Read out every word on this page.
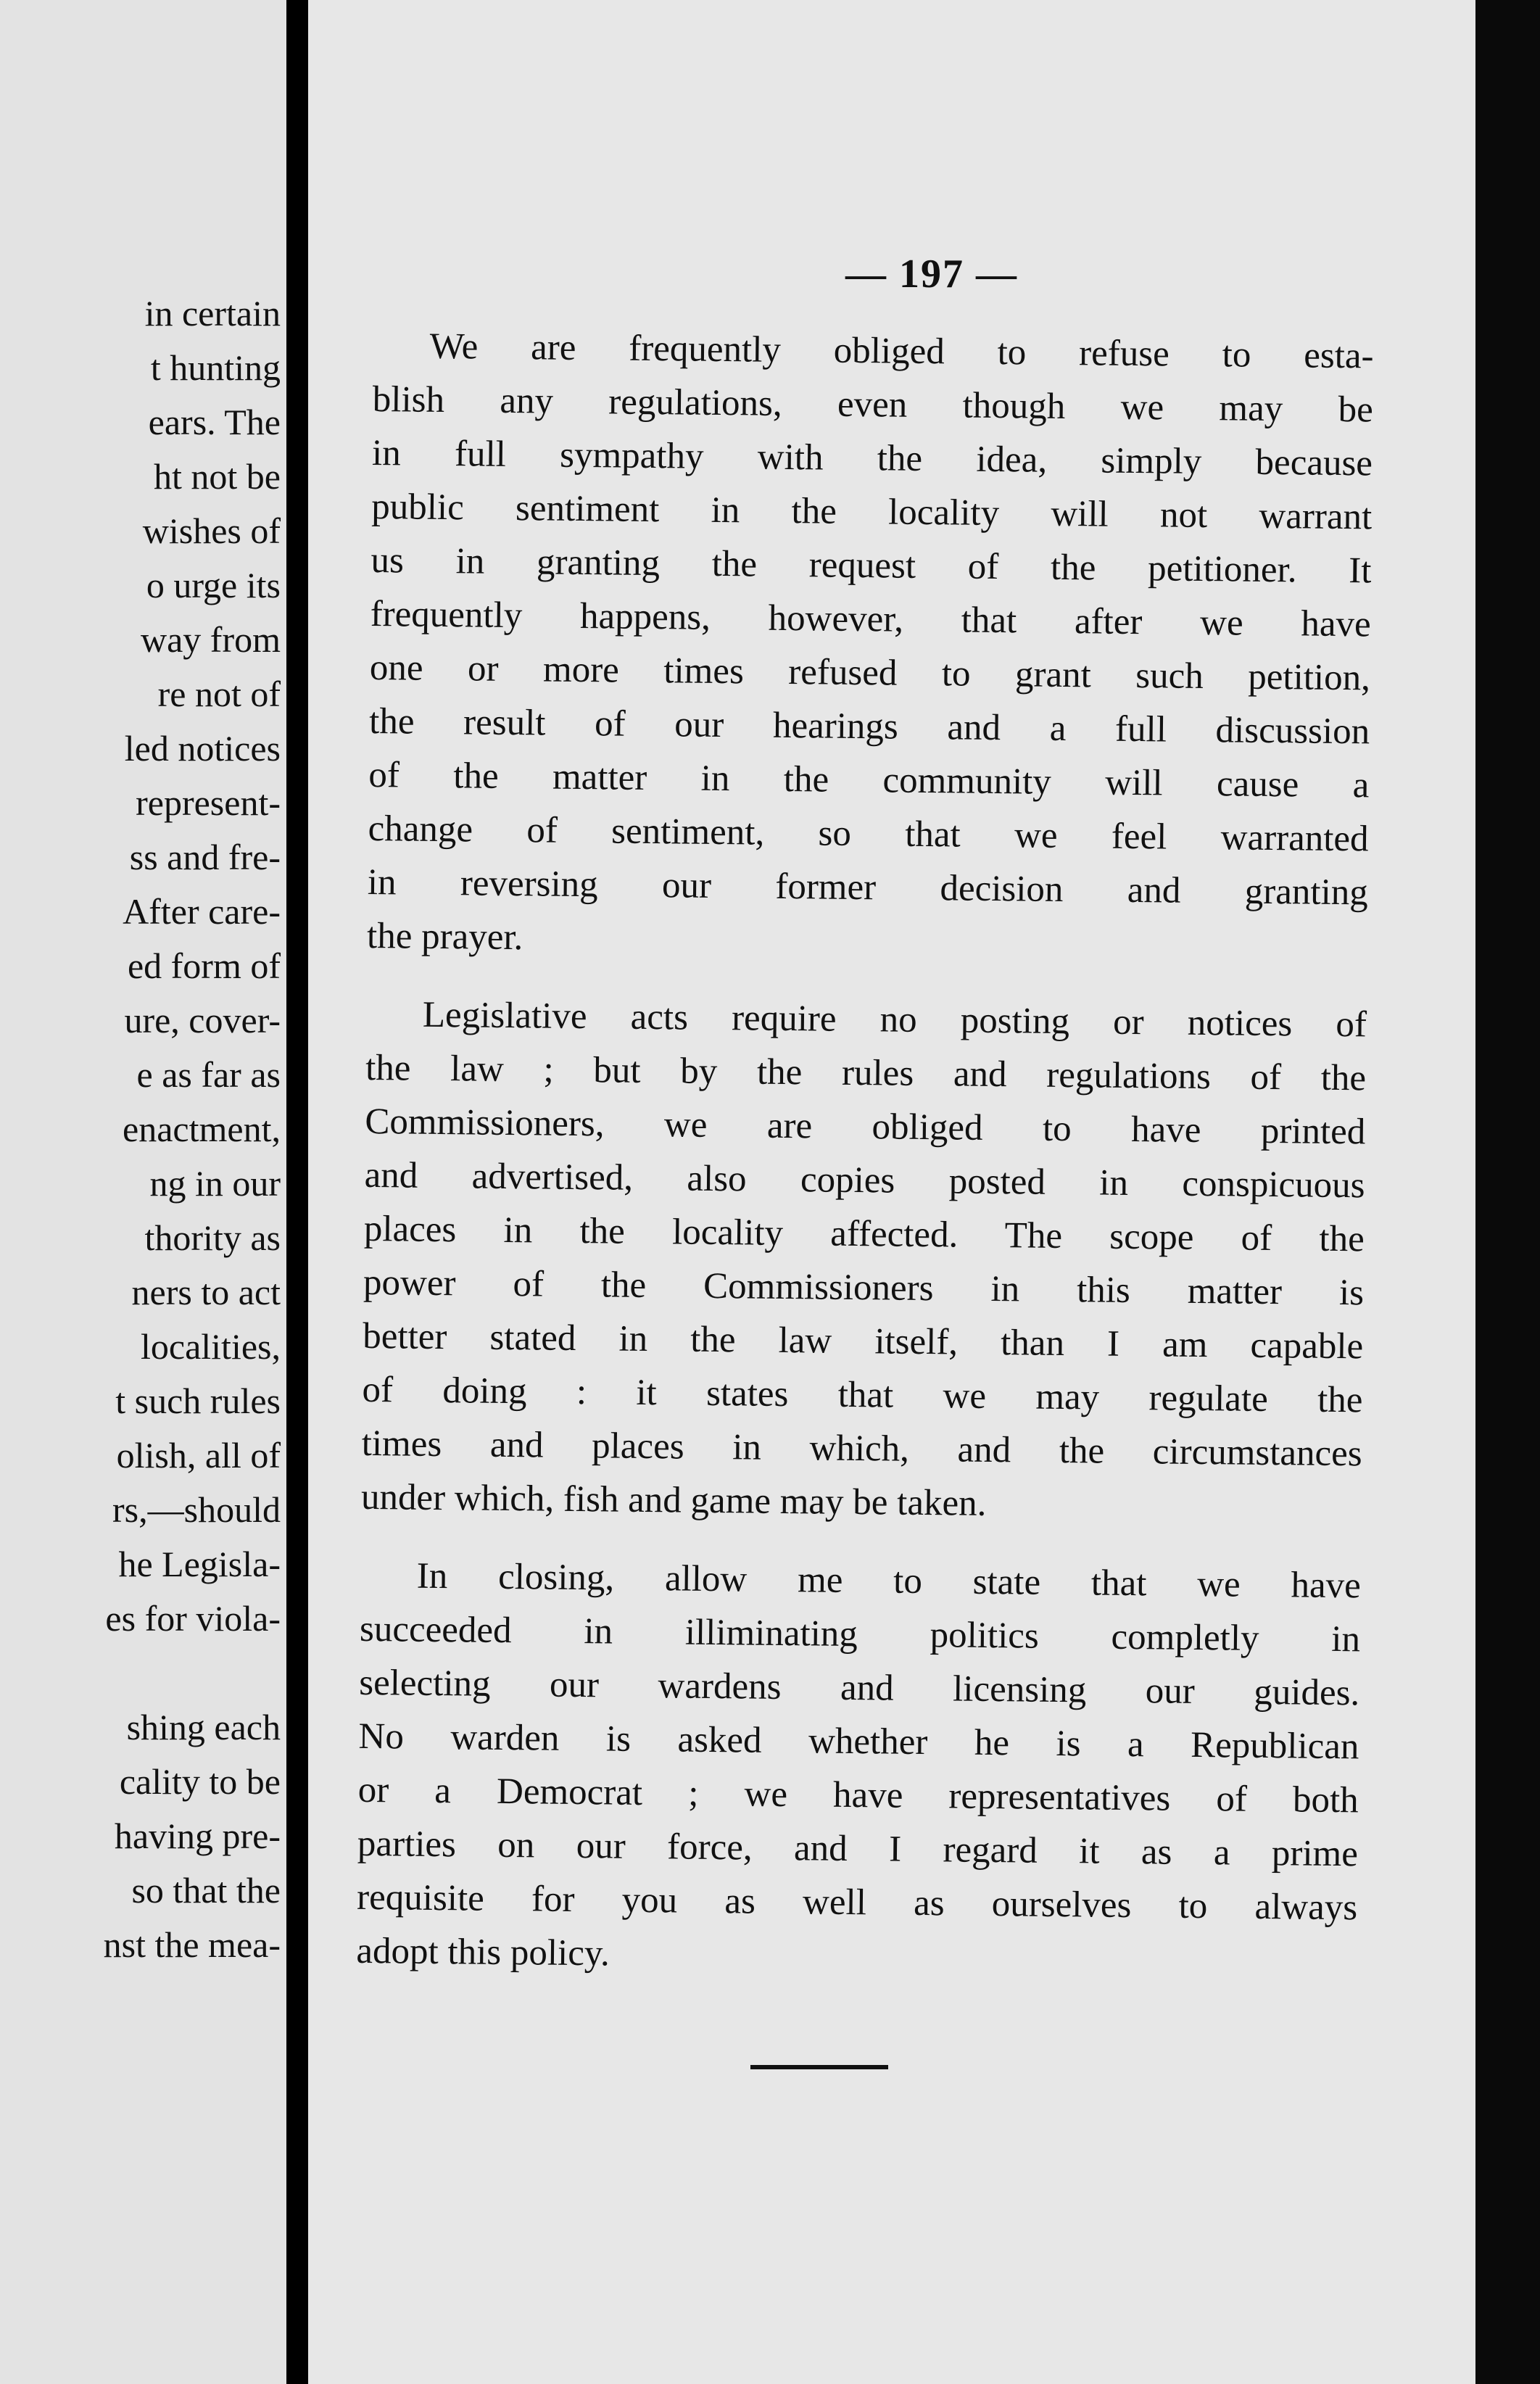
in certain
t hunting
ears. The
ht not be
wishes of
o urge its
way from
re not of
led notices
represent-
ss and fre-
After care-
ed form of
ure, cover-
e as far as
enactment,
ng in our
thority as
ners to act
localities,
t such rules
olish, all of
rs,—should
he Legisla-
es for viola-
shing each
cality to be
having pre-
so that the
nst the mea-
— 197 —
We are frequently obliged to refuse to esta-
blish any regulations, even though we may be
in full sympathy with the idea, simply because
public sentiment in the locality will not warrant
us in granting the request of the petitioner. It
frequently happens, however, that after we have
one or more times refused to grant such petition,
the result of our hearings and a full discussion
of the matter in the community will cause a
change of sentiment, so that we feel warranted
in reversing our former decision and granting
the prayer.
Legislative acts require no posting or notices of
the law ; but by the rules and regulations of the
Commissioners, we are obliged to have printed
and advertised, also copies posted in conspicuous
places in the locality affected. The scope of the
power of the Commissioners in this matter is
better stated in the law itself, than I am capable
of doing : it states that we may regulate the
times and places in which, and the circumstances
under which, fish and game may be taken.
In closing, allow me to state that we have
succeeded in illiminating politics completly in
selecting our wardens and licensing our guides.
No warden is asked whether he is a Republican
or a Democrat ; we have representatives of both
parties on our force, and I regard it as a prime
requisite for you as well as ourselves to always
adopt this policy.
